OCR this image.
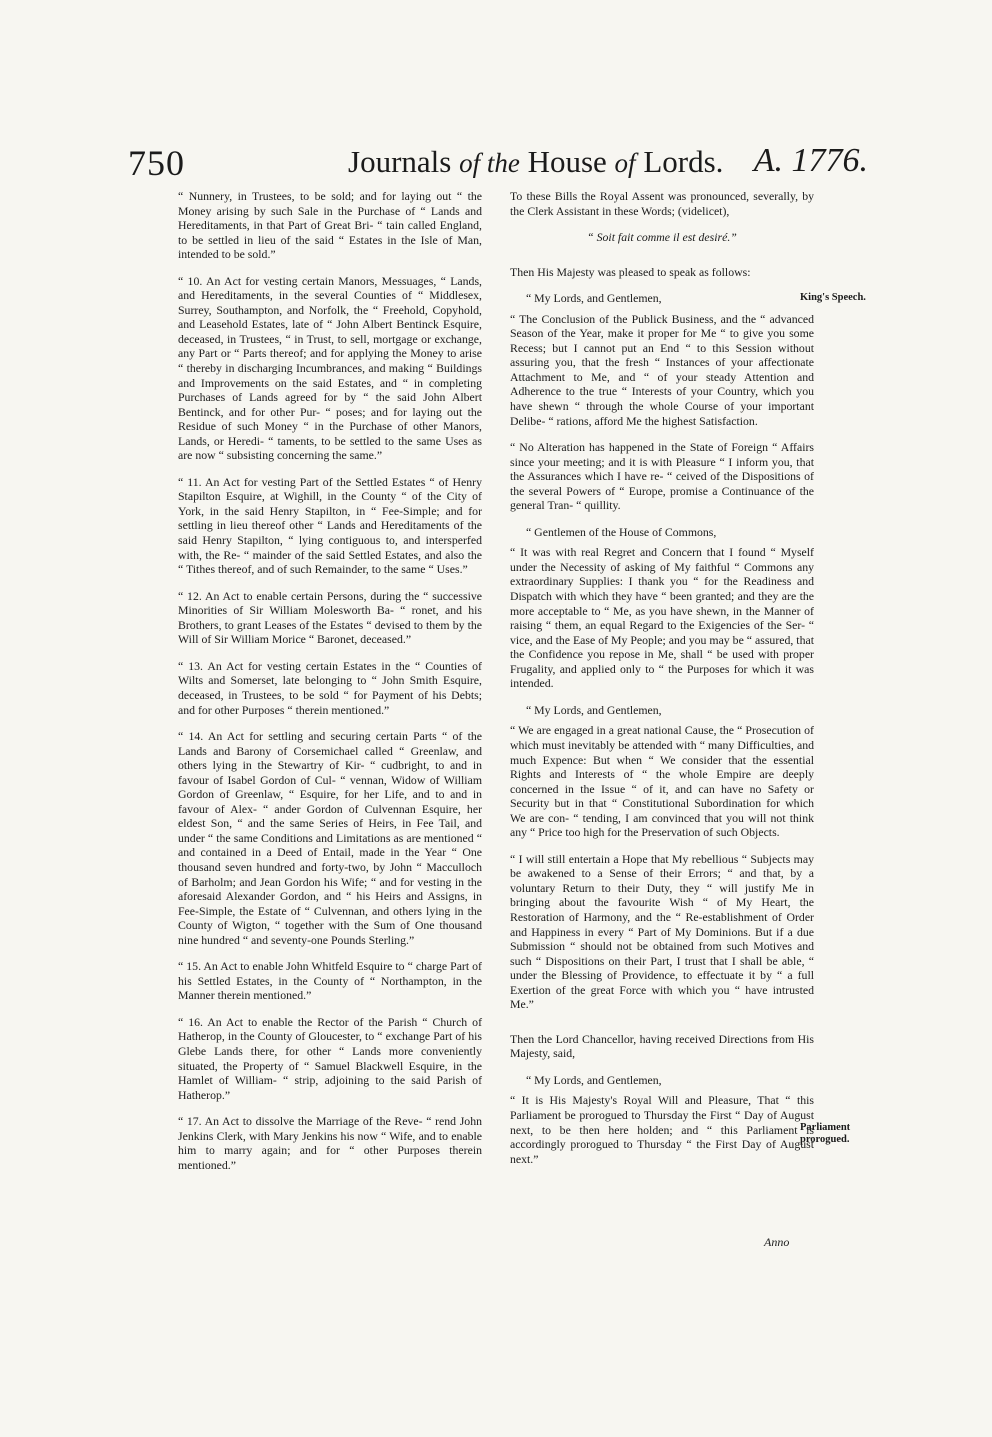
750	Journals of the House of Lords. A. 1776.

“ Nunnery, in Trustees, to be sold; and for laying out “ the Money arising by such Sale in the Purchase of “ Lands and Hereditaments, in that Part of Great Bri- “ tain called England, to be settled in lieu of the said “ Estates in the Isle of Man, intended to be sold.”

“ 10. An Act for vesting certain Manors, Messuages, “ Lands, and Hereditaments, in the several Counties of “ Middlesex, Surrey, Southampton, and Norfolk, the “ Freehold, Copyhold, and Leasehold Estates, late of “ John Albert Bentinck Esquire, deceased, in Trustees, “ in Trust, to sell, mortgage or exchange, any Part or “ Parts thereof; and for applying the Money to arise “ thereby in discharging Incumbrances, and making “ Buildings and Improvements on the said Estates, and “ in completing Purchases of Lands agreed for by “ the said John Albert Bentinck, and for other Pur- “ poses; and for laying out the Residue of such Money “ in the Purchase of other Manors, Lands, or Heredi- “ taments, to be settled to the same Uses as are now “ subsisting concerning the same.”

“ 11. An Act for vesting Part of the Settled Estates “ of Henry Stapilton Esquire, at Wighill, in the County “ of the City of York, in the said Henry Stapilton, in “ Fee-Simple; and for settling in lieu thereof other “ Lands and Hereditaments of the said Henry Stapilton, “ lying contiguous to, and intersperfed with, the Re- “ mainder of the said Settled Estates, and also the “ Tithes thereof, and of such Remainder, to the same “ Uses.”

“ 12. An Act to enable certain Persons, during the “ successive Minorities of Sir William Molesworth Ba- “ ronet, and his Brothers, to grant Leases of the Estates “ devised to them by the Will of Sir William Morice “ Baronet, deceased.”

“ 13. An Act for vesting certain Estates in the “ Counties of Wilts and Somerset, late belonging to “ John Smith Esquire, deceased, in Trustees, to be sold “ for Payment of his Debts; and for other Purposes “ therein mentioned.”

“ 14. An Act for settling and securing certain Parts “ of the Lands and Barony of Corsemichael called “ Greenlaw, and others lying in the Stewartry of Kir- “ cudbright, to and in favour of Isabel Gordon of Cul- “ vennan, Widow of William Gordon of Greenlaw, “ Esquire, for her Life, and to and in favour of Alex- “ ander Gordon of Culvennan Esquire, her eldest Son, “ and the same Series of Heirs, in Fee Tail, and under “ the same Conditions and Limitations as are mentioned “ and contained in a Deed of Entail, made in the Year “ One thousand seven hundred and forty-two, by John “ Macculloch of Barholm; and Jean Gordon his Wife; “ and for vesting in the aforesaid Alexander Gordon, and “ his Heirs and Assigns, in Fee-Simple, the Estate of “ Culvennan, and others lying in the County of Wigton, “ together with the Sum of One thousand nine hundred “ and seventy-one Pounds Sterling.”

“ 15. An Act to enable John Whitfeld Esquire to “ charge Part of his Settled Estates, in the County of “ Northampton, in the Manner therein mentioned.”

“ 16. An Act to enable the Rector of the Parish “ Church of Hatherop, in the County of Gloucester, to “ exchange Part of his Glebe Lands there, for other “ Lands more conveniently situated, the Property of “ Samuel Blackwell Esquire, in the Hamlet of William- “ strip, adjoining to the said Parish of Hatherop.”

“ 17. An Act to dissolve the Marriage of the Reve- “ rend John Jenkins Clerk, with Mary Jenkins his now “ Wife, and to enable him to marry again; and for “ other Purposes therein mentioned.”

To these Bills the Royal Assent was pronounced, severally, by the Clerk Assistant in these Words; (videlicet),

“ Soit fait comme il est desiré.”

Then His Majesty was pleased to speak as follows:

“ My Lords, and Gentlemen,

“ The Conclusion of the Publick Business, and the “ advanced Season of the Year, make it proper for Me “ to give you some Recess; but I cannot put an End “ to this Session without assuring you, that the fresh “ Instances of your affectionate Attachment to Me, and “ of your steady Attention and Adherence to the true “ Interests of your Country, which you have shewn “ through the whole Course of your important Delibe- “ rations, afford Me the highest Satisfaction.

“ No Alteration has happened in the State of Foreign “ Affairs since your meeting; and it is with Pleasure “ I inform you, that the Assurances which I have re- “ ceived of the Dispositions of the several Powers of “ Europe, promise a Continuance of the general Tran- “ quillity.

“ Gentlemen of the House of Commons,

“ It was with real Regret and Concern that I found “ Myself under the Necessity of asking of My faithful “ Commons any extraordinary Supplies: I thank you “ for the Readiness and Dispatch with which they have “ been granted; and they are the more acceptable to “ Me, as you have shewn, in the Manner of raising “ them, an equal Regard to the Exigencies of the Ser- “ vice, and the Ease of My People; and you may be “ assured, that the Confidence you repose in Me, shall “ be used with proper Frugality, and applied only to “ the Purposes for which it was intended.

“ My Lords, and Gentlemen,

“ We are engaged in a great national Cause, the “ Prosecution of which must inevitably be attended with “ many Difficulties, and much Expence: But when “ We consider that the essential Rights and Interests of “ the whole Empire are deeply concerned in the Issue “ of it, and can have no Safety or Security but in that “ Constitutional Subordination for which We are con- “ tending, I am convinced that you will not think any “ Price too high for the Preservation of such Objects.

“ I will still entertain a Hope that My rebellious “ Subjects may be awakened to a Sense of their Errors; “ and that, by a voluntary Return to their Duty, they “ will justify Me in bringing about the favourite Wish “ of My Heart, the Restoration of Harmony, and the “ Re-establishment of Order and Happiness in every “ Part of My Dominions. But if a due Submission “ should not be obtained from such Motives and such “ Dispositions on their Part, I trust that I shall be able, “ under the Blessing of Providence, to effectuate it by “ a full Exertion of the great Force with which you “ have intrusted Me.”

Then the Lord Chancellor, having received Directions from His Majesty, said,

“ My Lords, and Gentlemen,

“ It is His Majesty's Royal Will and Pleasure, That “ this Parliament be prorogued to Thursday the First “ Day of August next, to be then here holden; and “ this Parliament is accordingly prorogued to Thursday “ the First Day of August next.”

King's Speech.
Parliament prorogued.
Anno
